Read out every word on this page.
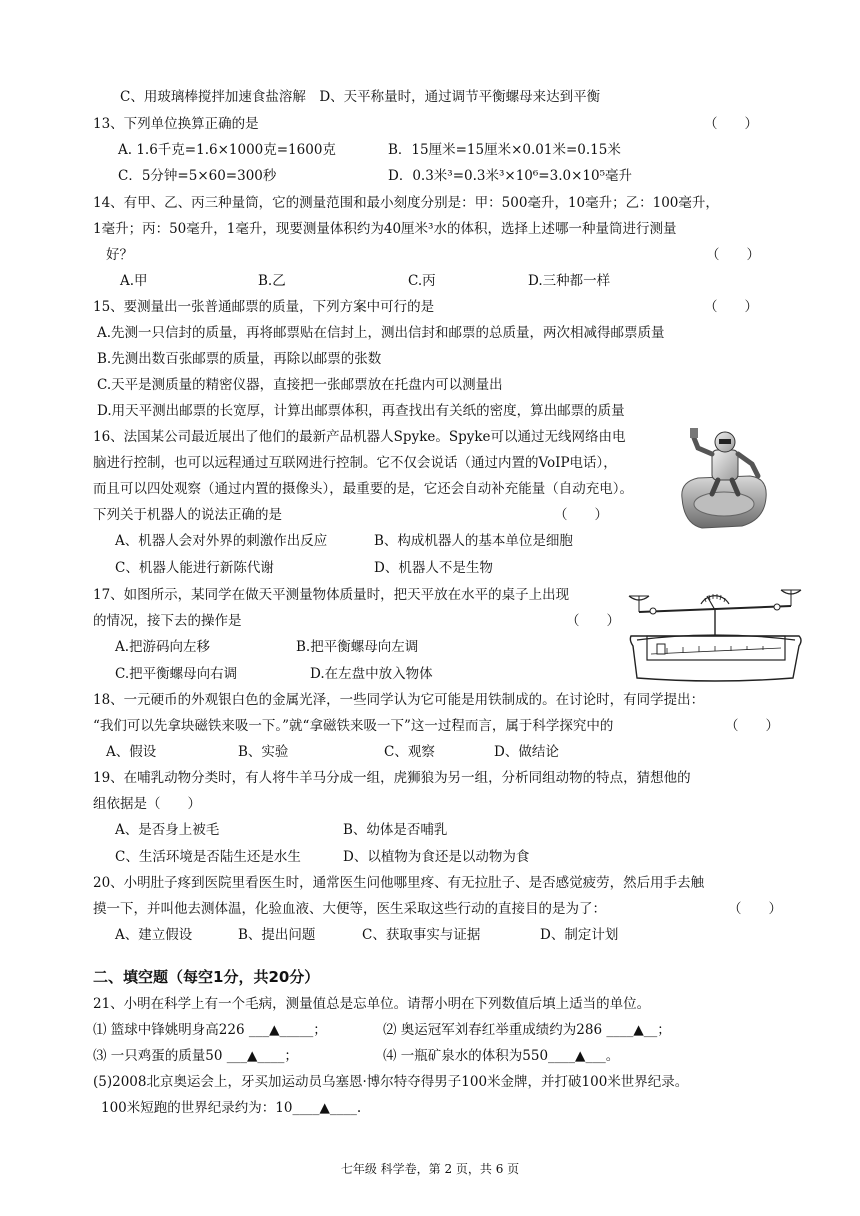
C、用玻璃棒搅拌加速食盐溶解　D、天平称量时，通过调节平衡螺母来达到平衡
13、下列单位换算正确的是	（　　）
A. 1.6千克=1.6×1000克=1600克	B．15厘米=15厘米×0.01米=0.15米
C．5分钟=5×60=300秒	D．0.3米³=0.3米³×10⁶=3.0×10⁵毫升
14、有甲、乙、丙三种量筒，它的测量范围和最小刻度分别是：甲：500毫升，10毫升；乙：100毫升，
1毫升；丙：50毫升，1毫升，现要测量体积约为40厘米³水的体积，选择上述哪一种量筒进行测量
好？	（　　）
A.甲	B.乙	C.丙	D.三种都一样
15、要测量出一张普通邮票的质量，下列方案中可行的是	（　　）
A.先测一只信封的质量，再将邮票贴在信封上，测出信封和邮票的总质量，两次相减得邮票质量
B.先测出数百张邮票的质量，再除以邮票的张数
C.天平是测质量的精密仪器，直接把一张邮票放在托盘内可以测量出
D.用天平测出邮票的长宽厚，计算出邮票体积，再查找出有关纸的密度，算出邮票的质量
16、法国某公司最近展出了他们的最新产品机器人Spyke。Spyke可以通过无线网络由电
脑进行控制，也可以远程通过互联网进行控制。它不仅会说话（通过内置的VoIP电话），
而且可以四处观察（通过内置的摄像头），最重要的是，它还会自动补充能量（自动充电）。
下列关于机器人的说法正确的是	（　　）
A、机器人会对外界的刺激作出反应	B、构成机器人的基本单位是细胞
C、机器人能进行新陈代谢	D、机器人不是生物
17、如图所示，某同学在做天平测量物体质量时，把天平放在水平的桌子上出现
的情况，接下去的操作是	（　　）
A.把游码向左移	B.把平衡螺母向左调
C.把平衡螺母向右调	D.在左盘中放入物体
18、一元硬币的外观银白色的金属光泽，一些同学认为它可能是用铁制成的。在讨论时，有同学提出：
“我们可以先拿块磁铁来吸一下。”就“拿磁铁来吸一下”这一过程而言，属于科学探究中的	（　　）
A、假设	B、实验	C、观察	D、做结论
19、在哺乳动物分类时，有人将牛羊马分成一组，虎狮狼为另一组，分析同组动物的特点，猜想他的
组依据是（　　）
A、是否身上被毛	B、幼体是否哺乳
C、生活环境是否陆生还是水生	D、以植物为食还是以动物为食
20、小明肚子疼到医院里看医生时，通常医生问他哪里疼、有无拉肚子、是否感觉疲劳，然后用手去触
摸一下，并叫他去测体温，化验血液、大便等，医生采取这些行动的直接目的是为了：	（　　）
A、建立假设	B、提出问题	C、获取事实与证据	D、制定计划
二、填空题（每空1分，共20分）
21、小明在科学上有一个毛病，测量值总是忘单位。请帮小明在下列数值后填上适当的单位。
⑴ 篮球中锋姚明身高226 ___▲_____；	⑵ 奥运冠军刘春红举重成绩约为286 ____▲__；
⑶ 一只鸡蛋的质量50 ___▲____；	⑷ 一瓶矿泉水的体积为550____▲___。
(5)2008北京奥运会上，牙买加运动员乌塞恩·博尔特夺得男子100米金牌，并打破100米世界纪录。
100米短跑的世界纪录约为：10____▲____.
七年级 科学卷，第 2 页，共 6 页
